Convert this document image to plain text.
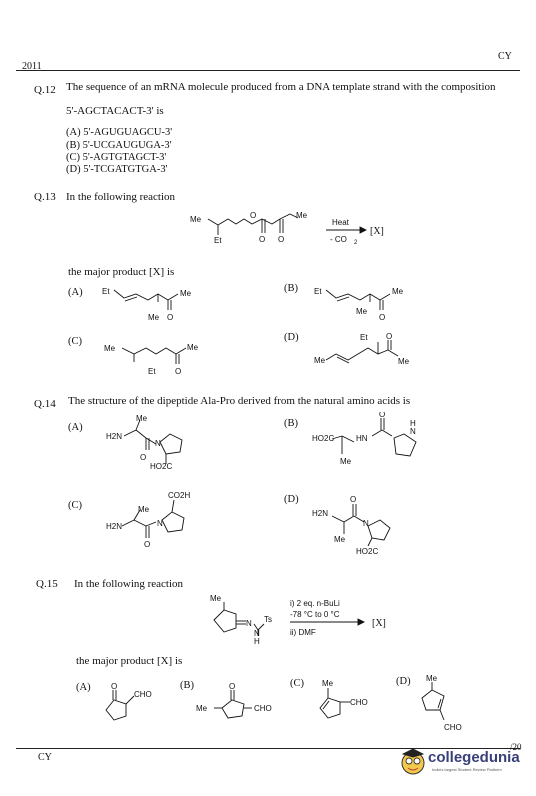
2011
CY
Q.12 The sequence of an mRNA molecule produced from a DNA template strand with the composition
5'-AGCTACACT-3' is
(A) 5'-AGUGUAGCU-3'
(B) 5'-UCGAUGUGA-3'
(C) 5'-AGTGTAGCT-3'
(D) 5'-TCGATGTGA-3'
Q.13 In the following reaction
Me	O
Et	O O
Me
Heat
- CO 2
[X]
the major product [X] is
(A) Et	Me
Me O
(B) Et	Me
Me
O
(C)
Me	Me
Et O
(D)
Me	Me
Et O
Q.14 The structure of the dipeptide Ala-Pro derived from the natural amino acids is
(A)
H2N
Me
N
O
HO2C
(B)
HO2C	HN
Me
O
H
N
(C)
H2N
Me
CO2H
N
O
(D)
H2N
O
Me
N
HO2C
Q.15 In the following reaction
Me
N Ts
N
H
i) 2 eq. n-BuLi
-78 °C to 0 °C
ii) DMF
[X]
the major product [X] is
(A)	O
CHO
(B)	O
Me	CHO
(C) Me
CHO
(D) Me
CHO
CY
/20
collegedunia
India's largest Student Review Platform
